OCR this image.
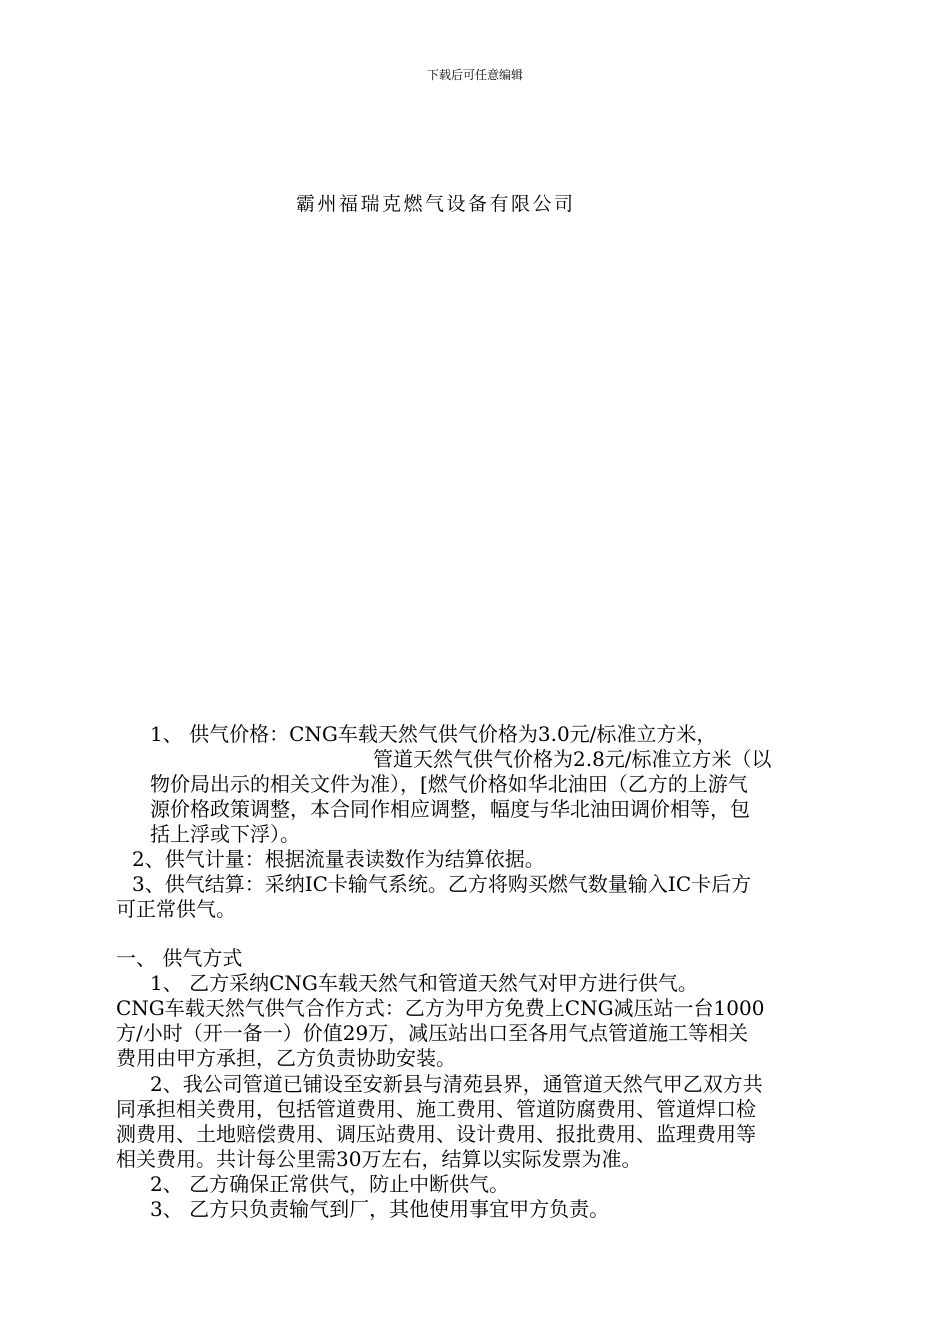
下载后可任意编辑
霸州福瑞克燃气设备有限公司
1、 供气价格：CNG车载天然气供气价格为3.0元/标准立方米，
管道天然气供气价格为2.8元/标准立方米（以
物价局出示的相关文件为准），[燃气价格如华北油田（乙方的上游气
源价格政策调整，本合同作相应调整，幅度与华北油田调价相等，包
括上浮或下浮）。
2、供气计量：根据流量表读数作为结算依据。
3、供气结算：采纳IC卡输气系统。乙方将购买燃气数量输入IC卡后方
可正常供气。
一、 供气方式
1、 乙方采纳CNG车载天然气和管道天然气对甲方进行供气。
CNG车载天然气供气合作方式：乙方为甲方免费上CNG减压站一台1000
方/小时（开一备一）价值29万，减压站出口至各用气点管道施工等相关
费用由甲方承担，乙方负责协助安装。
2、我公司管道已铺设至安新县与清苑县界，通管道天然气甲乙双方共
同承担相关费用，包括管道费用、施工费用、管道防腐费用、管道焊口检
测费用、土地赔偿费用、调压站费用、设计费用、报批费用、监理费用等
相关费用。共计每公里需30万左右，结算以实际发票为准。
2、 乙方确保正常供气，防止中断供气。
3、 乙方只负责输气到厂，其他使用事宜甲方负责。
